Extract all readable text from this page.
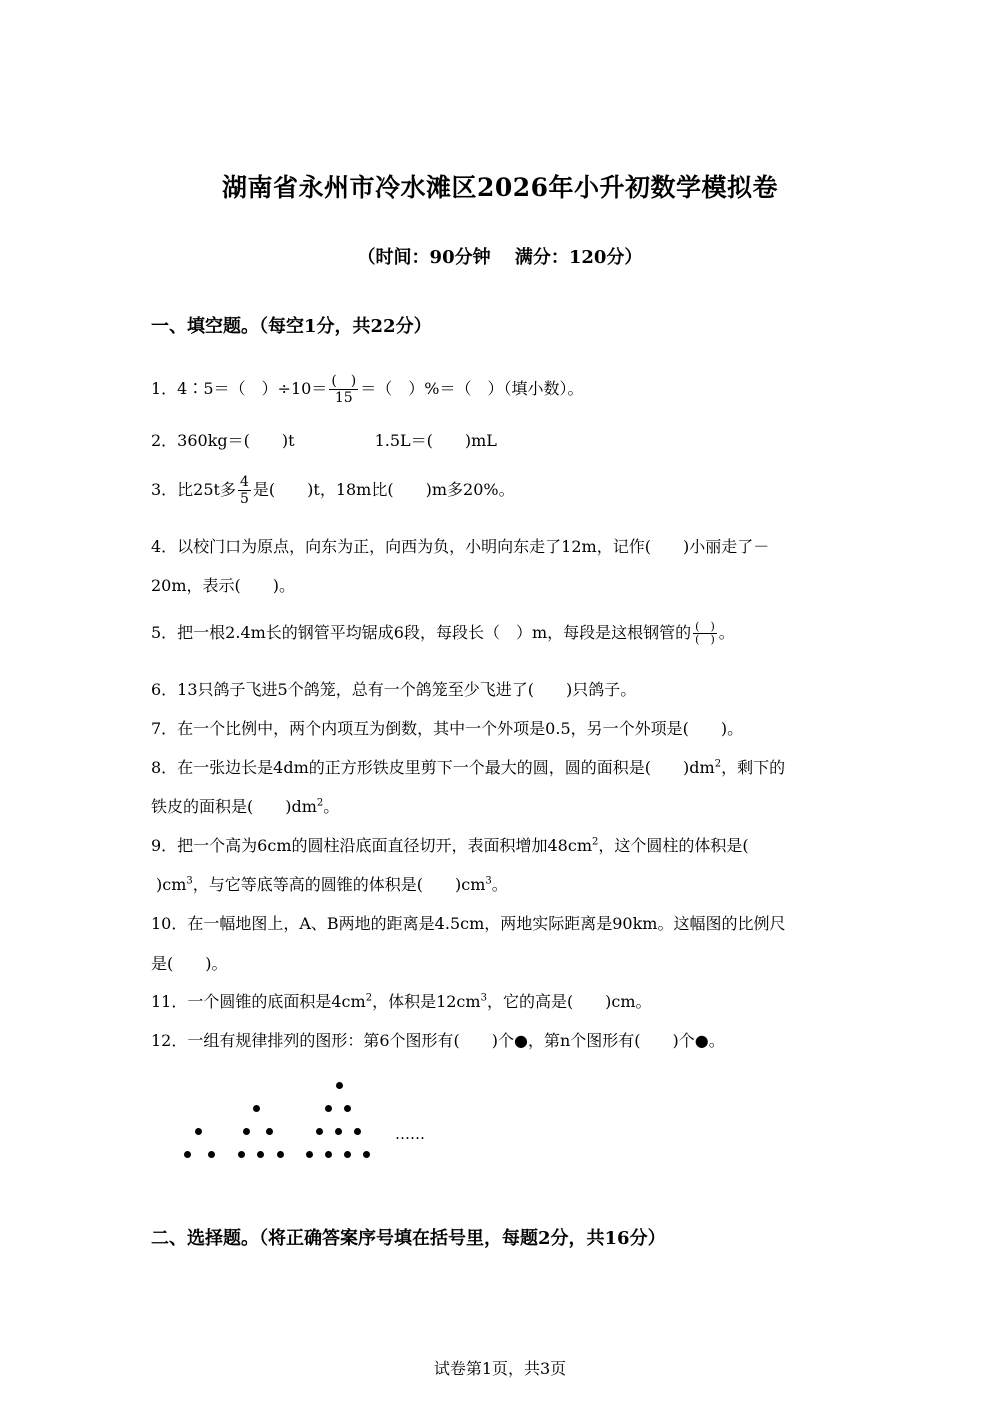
湖南省永州市冷水滩区2026年小升初数学模拟卷
（时间：90分钟　 满分：120分）
一、填空题。（每空1分，共22分）
1．4∶5＝（　）$\div 10= \frac{( )}{15}$ ＝（　）%＝（　）（填小数）。
2．360kg＝(　　)t　　　　　1.5L＝(　　)mL
3．比25t多 $\frac{4}{5}$ 是(　　)t，18m比(　　)m多20%。
4．以校门口为原点，向东为正，向西为负，小明向东走了12m，记作(　　)小丽走了－
20m，表示(　　)。
5．把一根2.4m长的钢管平均锯成6段，每段长（　）m，每段是这根钢管的 $\frac{( )}{( )}$ 。
6．13只鸽子飞进5个鸽笼，总有一个鸽笼至少飞进了(　　)只鸽子。
7．在一个比例中，两个内项互为倒数，其中一个外项是0.5，另一个外项是(　　)。
8．在一张边长是4dm的正方形铁皮里剪下一个最大的圆，圆的面积是(　　)$dm^2$，剩下的
铁皮的面积是(　　)$dm^2$。
9．把一个高为6cm的圆柱沿底面直径切开，表面积增加$48cm^2$，这个圆柱的体积是(
)$cm^3$，与它等底等高的圆锥的体积是(　　)$cm^3$。
10．在一幅地图上，A、B两地的距离是4.5cm，两地实际距离是90km。这幅图的比例尺
是(　　)。
11．一个圆锥的底面积是$4cm^2$，体积是$12cm^3$，它的高是(　　)cm。
12．一组有规律排列的图形：第6个图形有(　　)个●，第n个图形有(　　)个●。
……
二、选择题。（将正确答案序号填在括号里，每题2分，共16分）
试卷第1页，共3页
